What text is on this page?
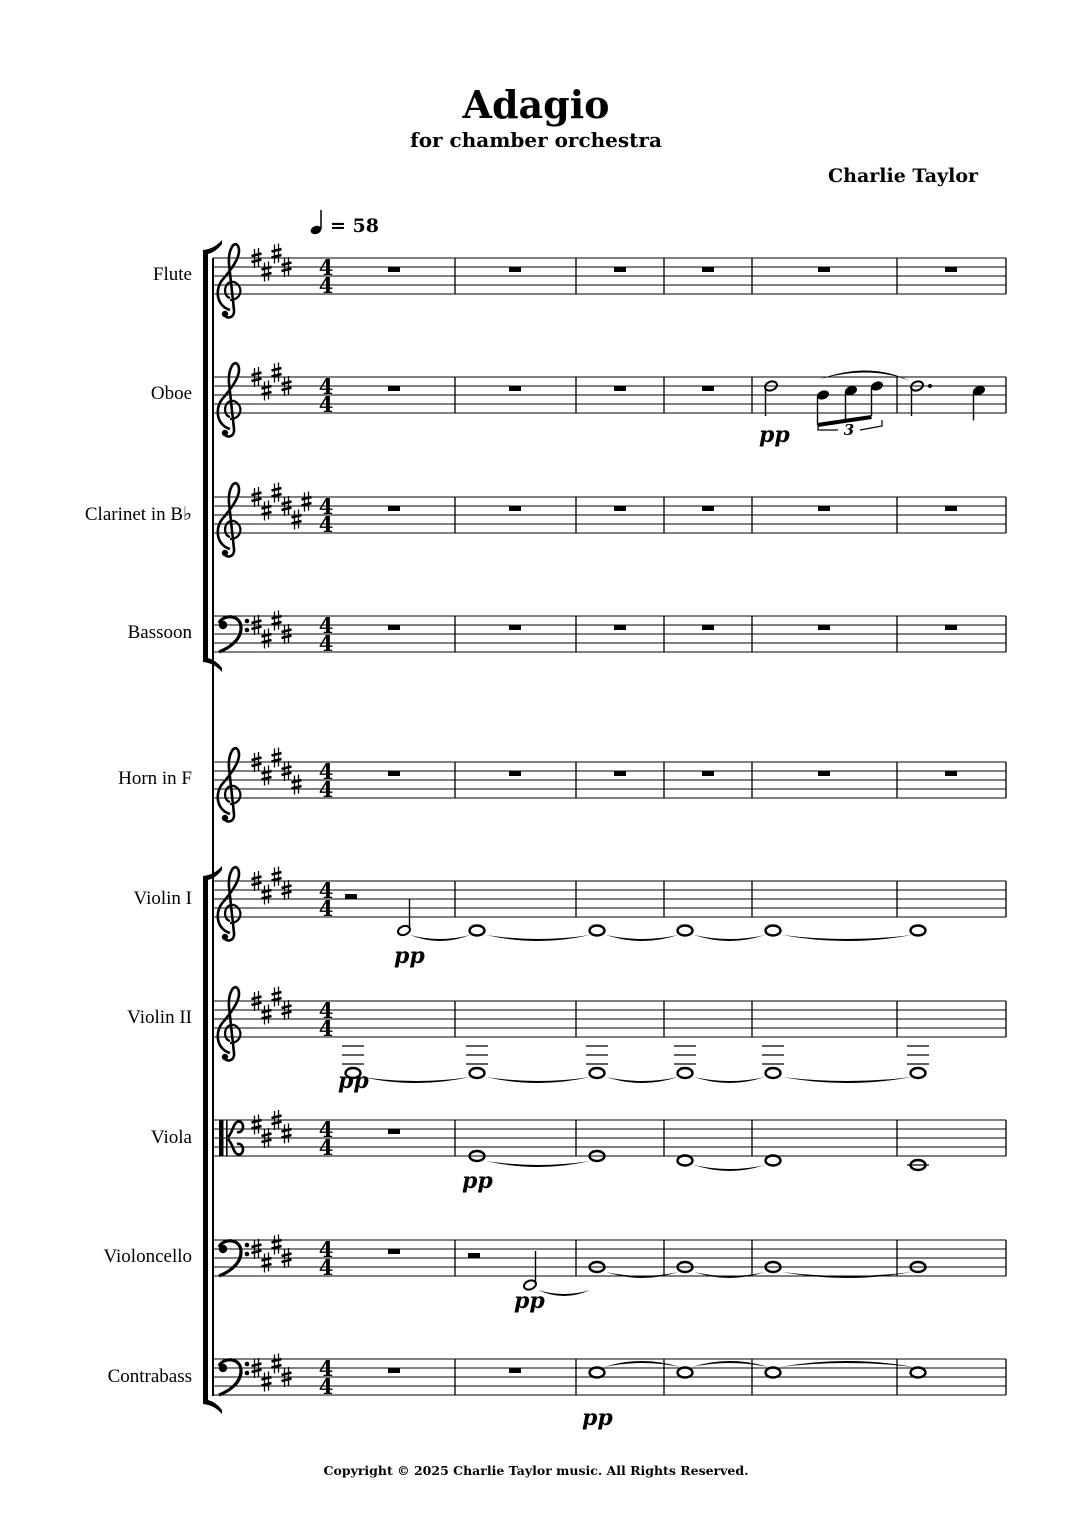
Adagio
for chamber orchestra
Charlie Taylor
Flute
Oboe
Clarinet in B♭
Bassoon
Horn in F
Violin I
Violin II
Viola
Violoncello
Contrabass
= 58
4
4
4
4
4
4
4
4
4
4
4
4
4
4
4
4
4
4
4
4
3
pp
pp
pp
pp
pp
pp
Copyright © 2025 Charlie Taylor music. All Rights Reserved.
